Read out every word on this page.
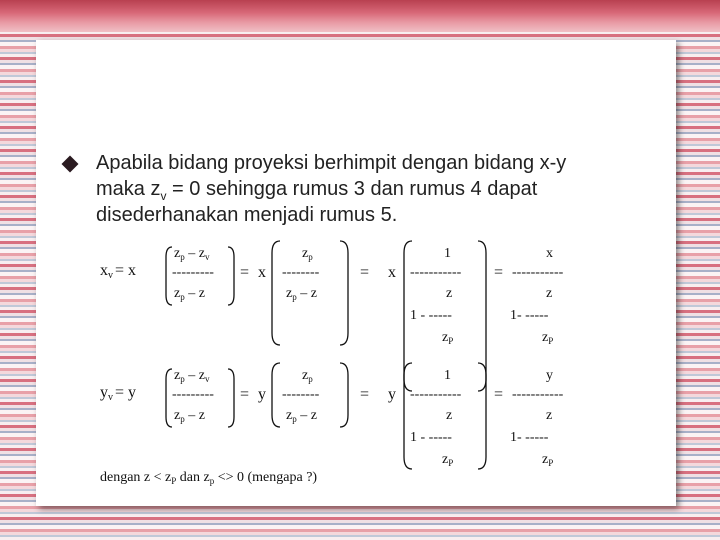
Apabila bidang proyeksi berhimpit dengan bidang x-y
maka $z_v = 0$ sehingga rumus 3 dan rumus 4 dapat
disederhanakan menjadi rumus 5.
xv = x
$z_p - z_v$
---------
$z_p$ – z
= x
$z_p$
--------
$z_p$ – z
= x
1
-----------
z
1 - -----
$z_P$
=
x
-----------
z
1- -----
$z_P$
yv = y
$z_p - z_v$
---------
$z_p$ – z
= y
$z_p$
--------
$z_p$ – z
= y
1
-----------
z
1 - -----
$z_P$
=
y
-----------
z
1- -----
$z_P$
dengan $z < z_P$ dan $z_p <> 0$ (mengapa ?)
